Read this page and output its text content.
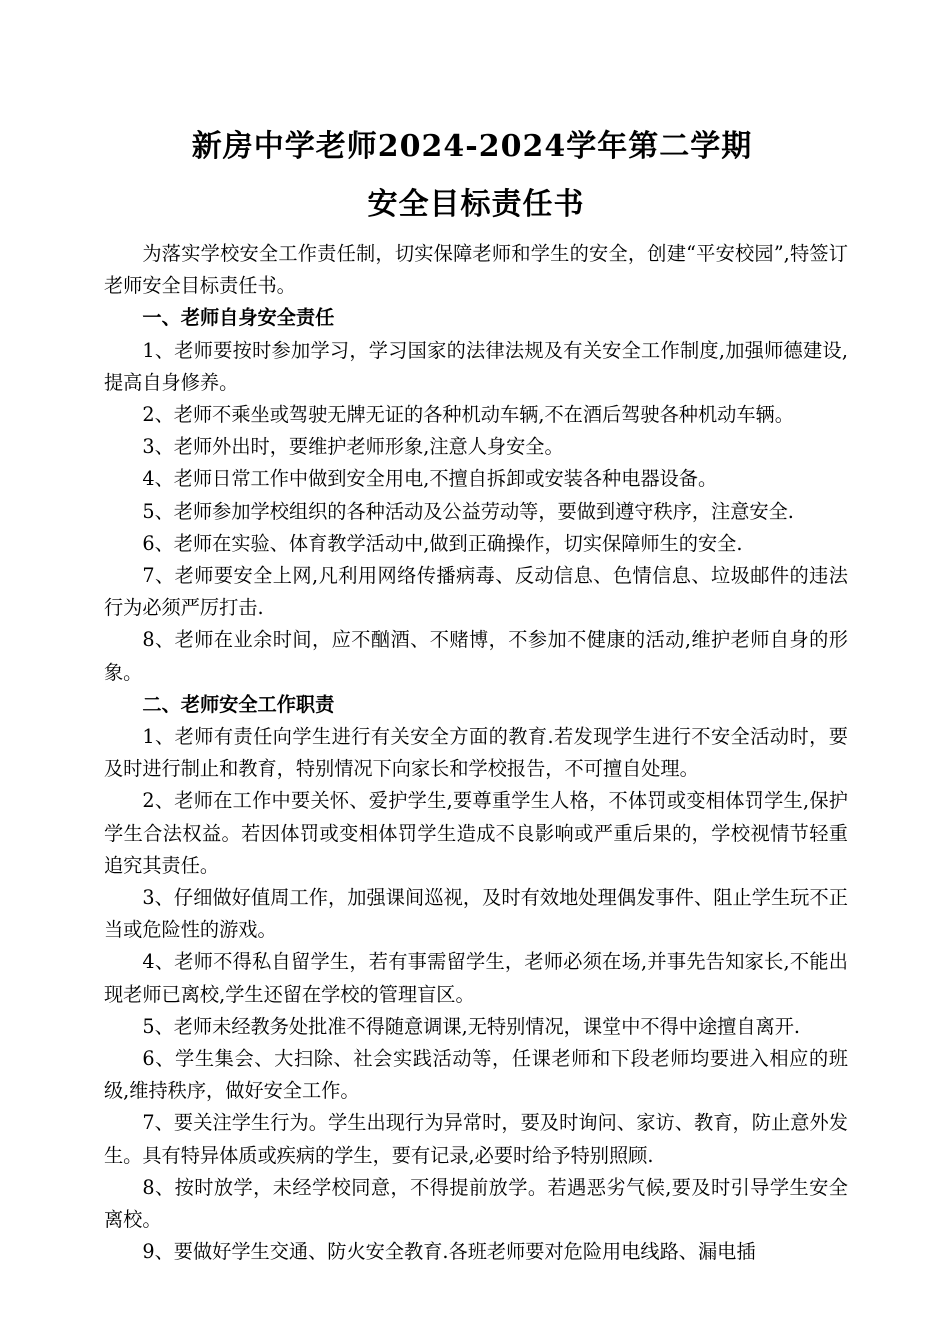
新房中学老师2024-2024学年第二学期
安全目标责任书

为落实学校安全工作责任制，切实保障老师和学生的安全，创建“平安校园”,特签订老师安全目标责任书。

一、老师自身安全责任

1、老师要按时参加学习，学习国家的法律法规及有关安全工作制度,加强师德建设,提高自身修养。

2、老师不乘坐或驾驶无牌无证的各种机动车辆,不在酒后驾驶各种机动车辆。

3、老师外出时，要维护老师形象,注意人身安全。

4、老师日常工作中做到安全用电,不擅自拆卸或安装各种电器设备。

5、老师参加学校组织的各种活动及公益劳动等，要做到遵守秩序，注意安全.

6、老师在实验、体育教学活动中,做到正确操作，切实保障师生的安全.

7、老师要安全上网,凡利用网络传播病毒、反动信息、色情信息、垃圾邮件的违法行为必须严厉打击.

8、老师在业余时间，应不酗酒、不赌博，不参加不健康的活动,维护老师自身的形象。

二、老师安全工作职责

1、老师有责任向学生进行有关安全方面的教育.若发现学生进行不安全活动时，要及时进行制止和教育，特别情况下向家长和学校报告，不可擅自处理。

2、老师在工作中要关怀、爱护学生,要尊重学生人格，不体罚或变相体罚学生,保护学生合法权益。若因体罚或变相体罚学生造成不良影响或严重后果的，学校视情节轻重追究其责任。

3、仔细做好值周工作，加强课间巡视，及时有效地处理偶发事件、阻止学生玩不正当或危险性的游戏。

4、老师不得私自留学生，若有事需留学生，老师必须在场,并事先告知家长,不能出现老师已离校,学生还留在学校的管理盲区。

5、老师未经教务处批准不得随意调课,无特别情况，课堂中不得中途擅自离开.

6、学生集会、大扫除、社会实践活动等，任课老师和下段老师均要进入相应的班级,维持秩序，做好安全工作。

7、要关注学生行为。学生出现行为异常时，要及时询问、家访、教育，防止意外发生。具有特异体质或疾病的学生，要有记录,必要时给予特别照顾.

8、按时放学，未经学校同意，不得提前放学。若遇恶劣气候,要及时引导学生安全离校。

9、要做好学生交通、防火安全教育.各班老师要对危险用电线路、漏电插
